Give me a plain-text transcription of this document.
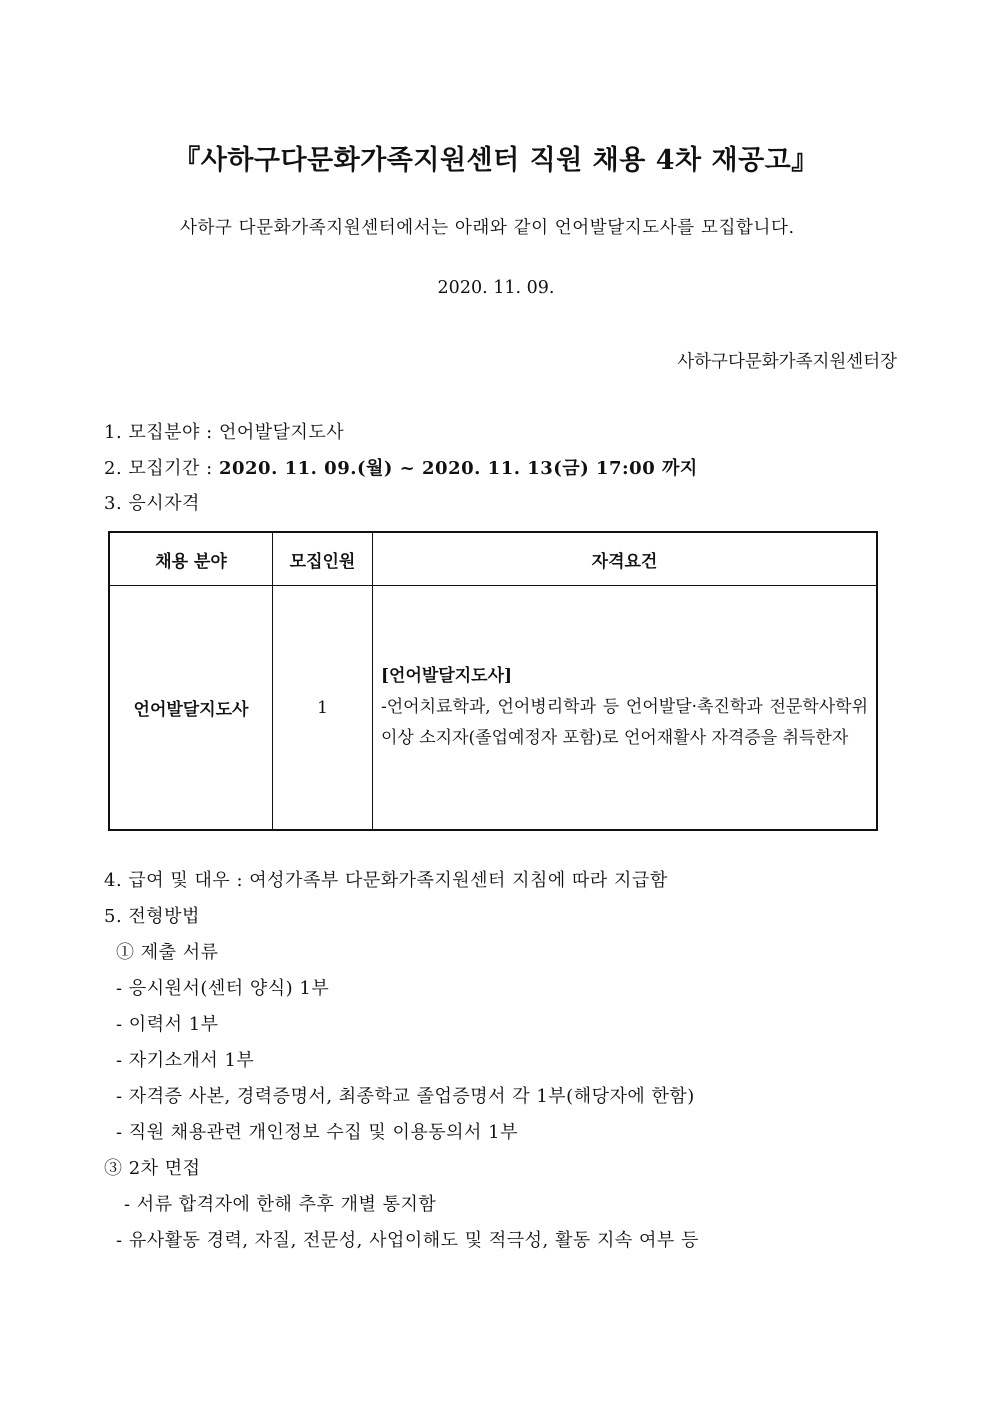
『사하구다문화가족지원센터 직원 채용 4차 재공고』
사하구 다문화가족지원센터에서는 아래와 같이 언어발달지도사를 모집합니다.
2020. 11. 09.
사하구다문화가족지원센터장
1. 모집분야 : 언어발달지도사
2. 모집기간 : 2020. 11. 09.(월) ~ 2020. 11. 13(금) 17:00 까지
3. 응시자격
채용 분야	모집인원	자격요건
언어발달지도사	1	[언어발달지도사]
-언어치료학과, 언어병리학과 등 언어발달·촉진학과 전문학사학위 이상 소지자(졸업예정자 포함)로 언어재활사 자격증을 취득한자
4. 급여 및 대우 : 여성가족부 다문화가족지원센터 지침에 따라 지급함
5. 전형방법
① 제출 서류
- 응시원서(센터 양식) 1부
- 이력서 1부
- 자기소개서 1부
- 자격증 사본, 경력증명서, 최종학교 졸업증명서 각 1부(해당자에 한함)
- 직원 채용관련 개인정보 수집 및 이용동의서 1부
③ 2차 면접
- 서류 합격자에 한해 추후 개별 통지함
- 유사활동 경력, 자질, 전문성, 사업이해도 및 적극성, 활동 지속 여부 등
